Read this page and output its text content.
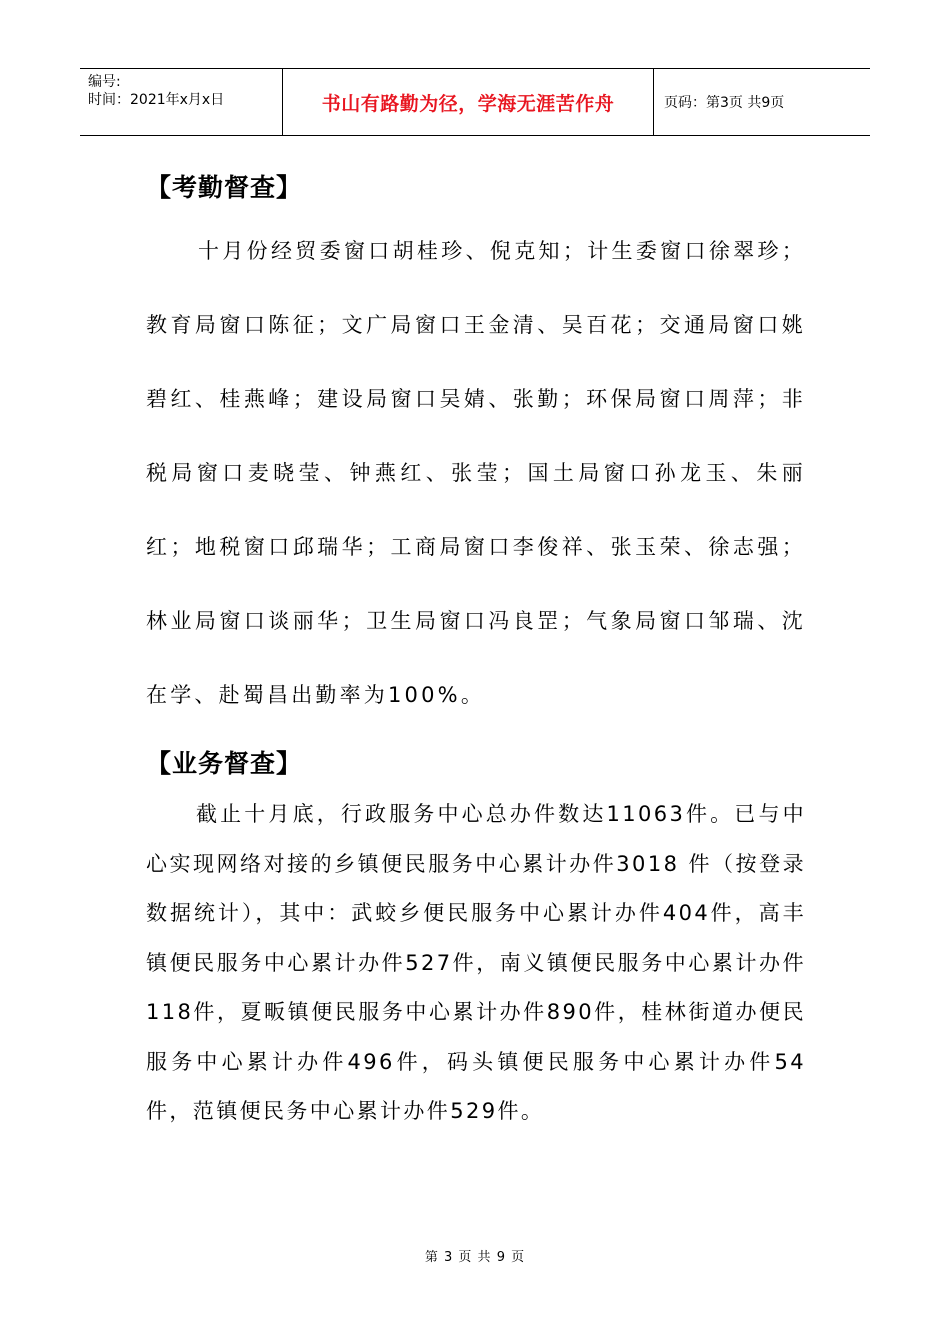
编号:
时间：2021年x月x日	书山有路勤为径，学海无涯苦作舟	页码：第3页 共9页
【考勤督查】

十月份经贸委窗口胡桂珍、倪克知；计生委窗口徐翠珍；教育局窗口陈征；文广局窗口王金清、吴百花；交通局窗口姚碧红、桂燕峰；建设局窗口吴婧、张勤；环保局窗口周萍；非税局窗口麦晓莹、钟燕红、张莹；国土局窗口孙龙玉、朱丽红；地税窗口邱瑞华；工商局窗口李俊祥、张玉荣、徐志强；林业局窗口谈丽华；卫生局窗口冯良罡；气象局窗口邹瑞、沈在学、赴蜀昌出勤率为100%。

【业务督查】

截止十月底，行政服务中心总办件数达11063件。已与中心实现网络对接的乡镇便民服务中心累计办件3018 件（按登录数据统计），其中：武蛟乡便民服务中心累计办件404件，高丰镇便民服务中心累计办件527件，南义镇便民服务中心累计办件118件，夏畈镇便民服务中心累计办件890件，桂林街道办便民服务中心累计办件496件，码头镇便民服务中心累计办件54件，范镇便民务中心累计办件529件。

第 3 页 共 9 页
